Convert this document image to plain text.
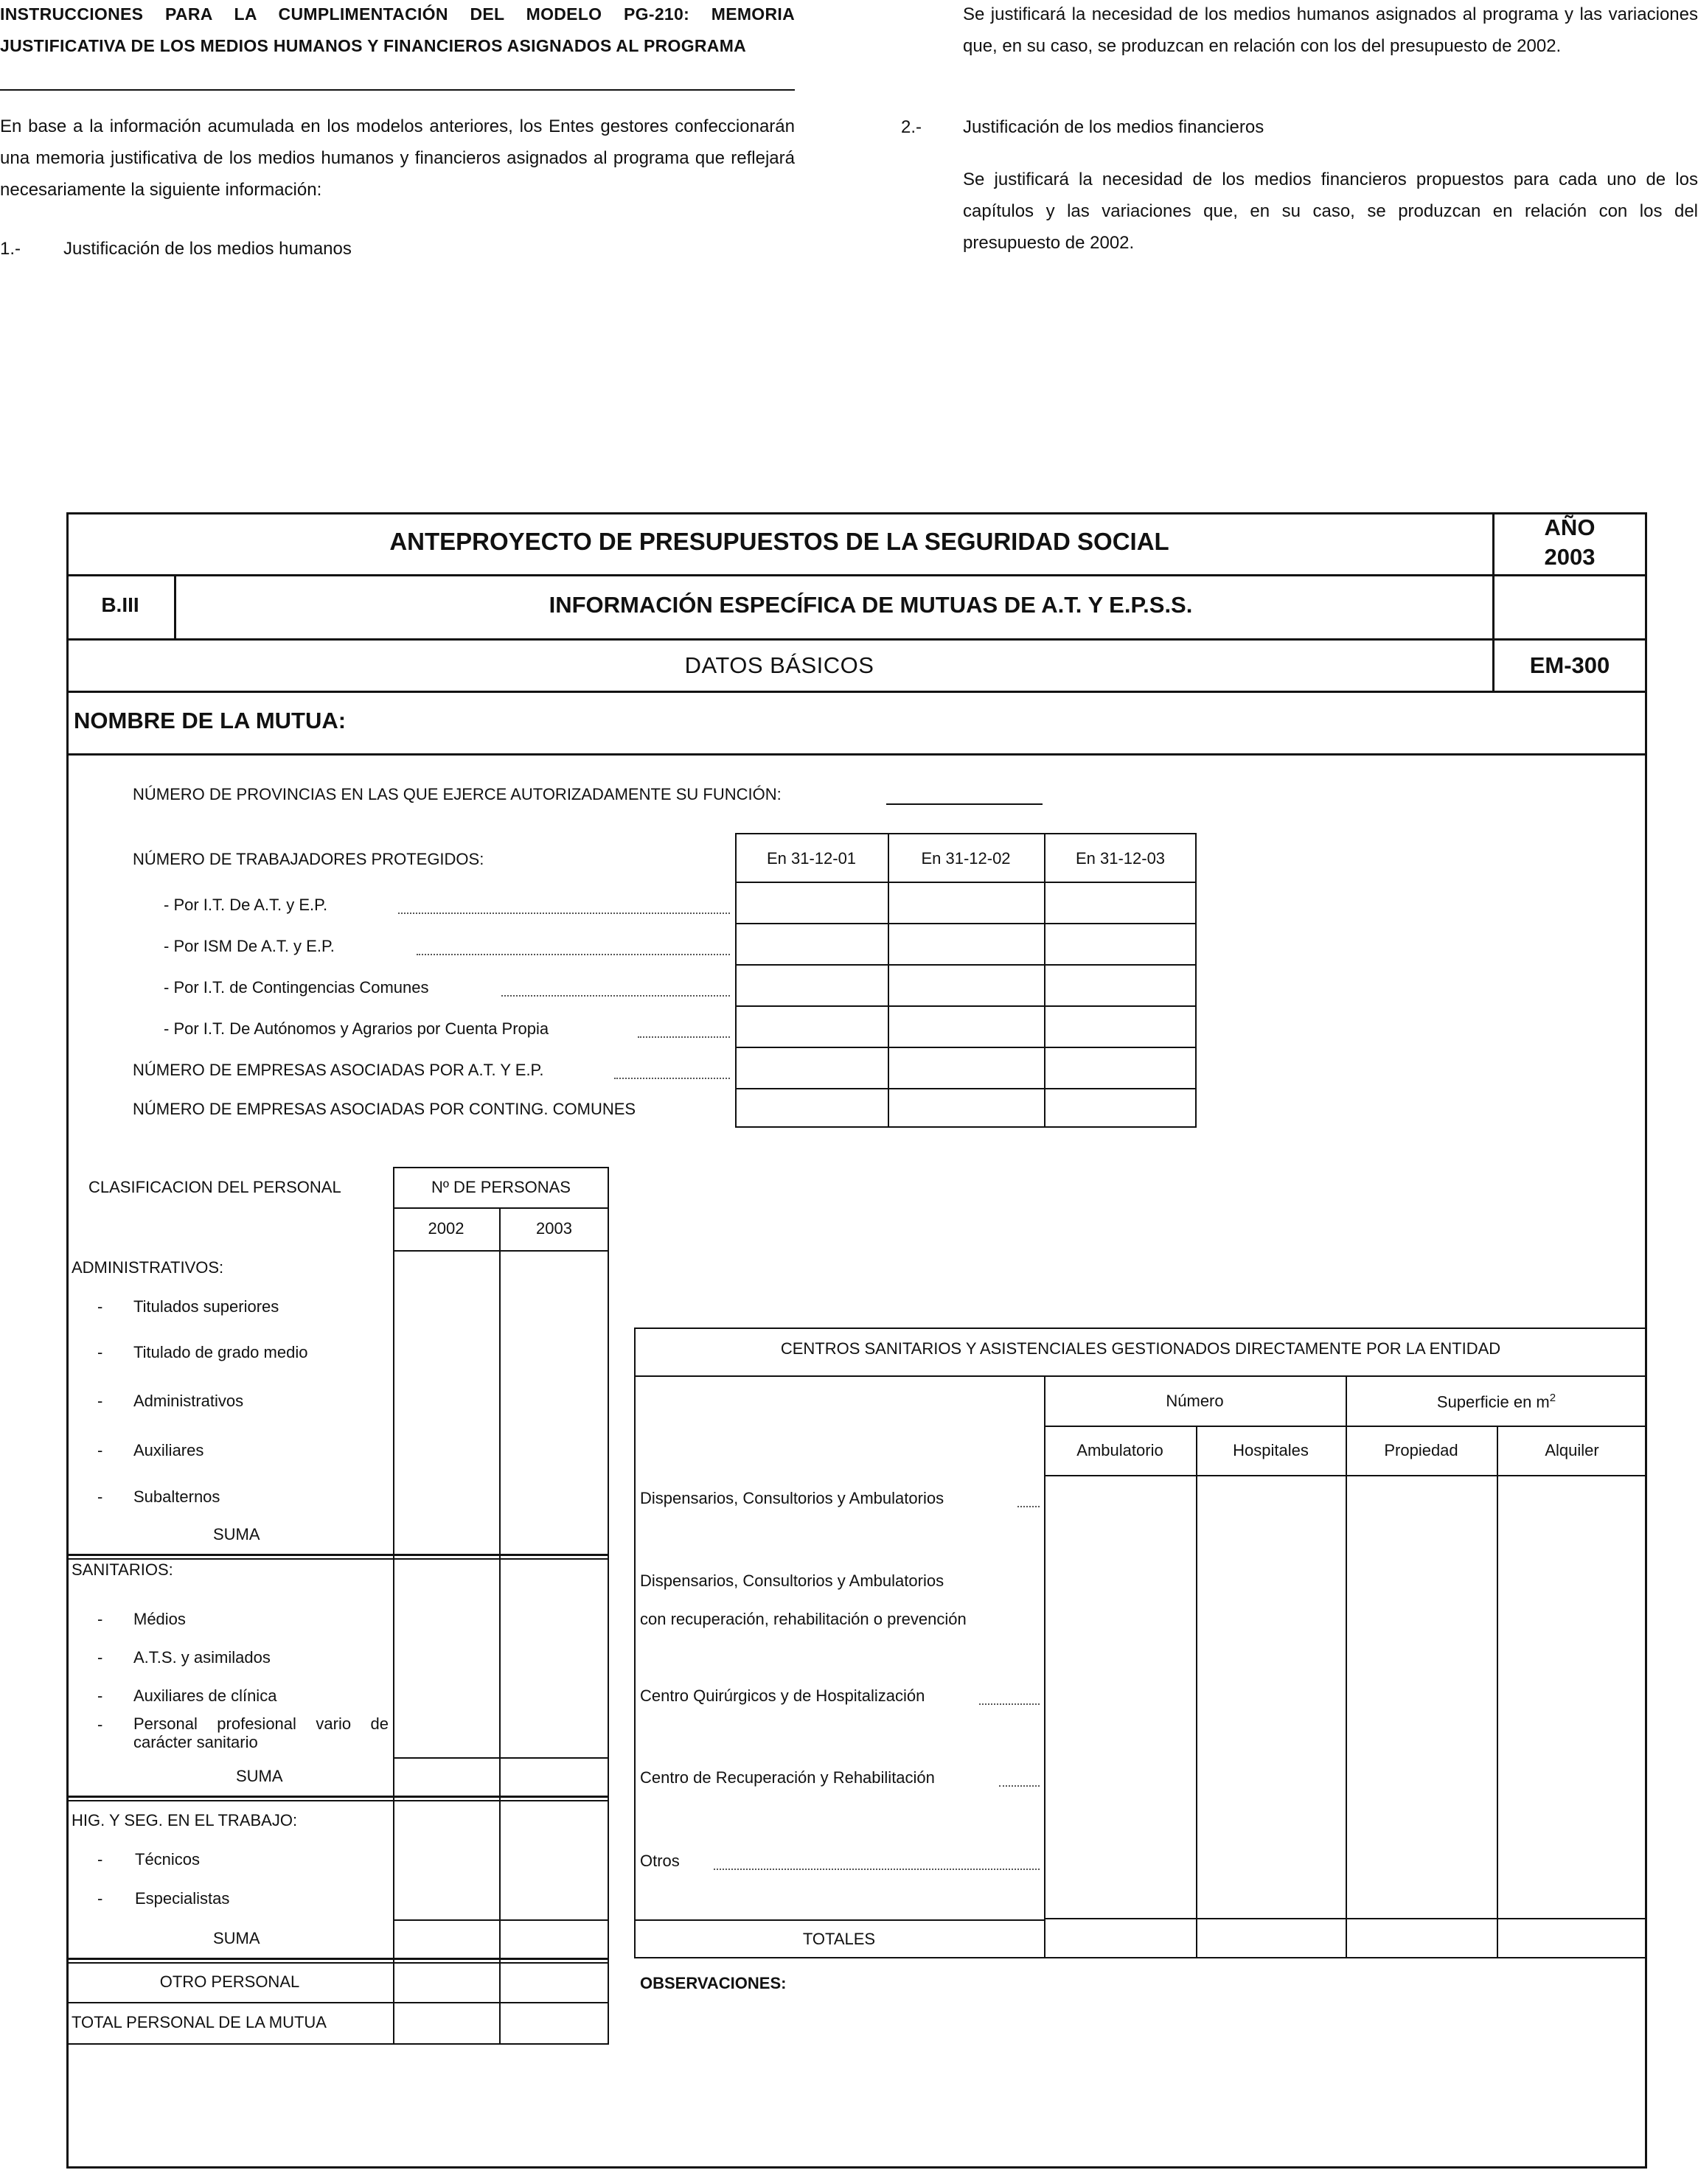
INSTRUCCIONES PARA LA CUMPLIMENTACIÓN DEL MODELO PG-210: MEMORIA JUSTIFICATIVA DE LOS MEDIOS HUMANOS Y FINANCIEROS ASIGNADOS AL PROGRAMA
En base a la información acumulada en los modelos anteriores, los Entes gestores confeccionarán una memoria justificativa de los medios humanos y financieros asignados al programa que reflejará necesariamente la siguiente información:
1.- Justificación de los medios humanos
Se justificará la necesidad de los medios humanos asignados al programa y las variaciones que, en su caso, se produzcan en relación con los del presupuesto de 2002.
2.- Justificación de los medios financieros
Se justificará la necesidad de los medios financieros propuestos para cada uno de los capítulos y las variaciones que, en su caso, se produzcan en relación con los del presupuesto de 2002.
ANTEPROYECTO DE PRESUPUESTOS DE LA SEGURIDAD SOCIAL
AÑO
2003
B.III	INFORMACIÓN ESPECÍFICA DE MUTUAS DE A.T. Y E.P.S.S.
DATOS BÁSICOS	EM-300
NOMBRE DE LA MUTUA:
NÚMERO DE PROVINCIAS EN LAS QUE EJERCE AUTORIZADAMENTE SU FUNCIÓN:
NÚMERO DE TRABAJADORES PROTEGIDOS:	En 31-12-01	En 31-12-02	En 31-12-03
- Por I.T. De A.T. y E.P.
- Por ISM De A.T. y E.P.
- Por I.T. de Contingencias Comunes
- Por I.T. De Autónomos y Agrarios por Cuenta Propia
NÚMERO DE EMPRESAS ASOCIADAS POR A.T. Y E.P.
NÚMERO DE EMPRESAS ASOCIADAS POR CONTING. COMUNES
CLASIFICACION DEL PERSONAL	Nº DE PERSONAS
2002	2003
ADMINISTRATIVOS:
- Titulados superiores
- Titulado de grado medio
- Administrativos
- Auxiliares
- Subalternos
SUMA
SANITARIOS:
- Médios
- A.T.S. y asimilados
- Auxiliares de clínica
- Personal profesional vario de carácter sanitario
SUMA
HIG. Y SEG. EN EL TRABAJO:
- Técnicos
- Especialistas
SUMA
OTRO PERSONAL
TOTAL PERSONAL DE LA MUTUA
CENTROS SANITARIOS Y ASISTENCIALES GESTIONADOS DIRECTAMENTE POR LA ENTIDAD
Número	Superficie en $m^2$
Ambulatorio	Hospitales	Propiedad	Alquiler
Dispensarios, Consultorios y Ambulatorios
Dispensarios, Consultorios y Ambulatorios
con recuperación, rehabilitación o prevención
Centro Quirúrgicos y de Hospitalización
Centro de Recuperación y Rehabilitación
Otros
TOTALES
OBSERVACIONES:
